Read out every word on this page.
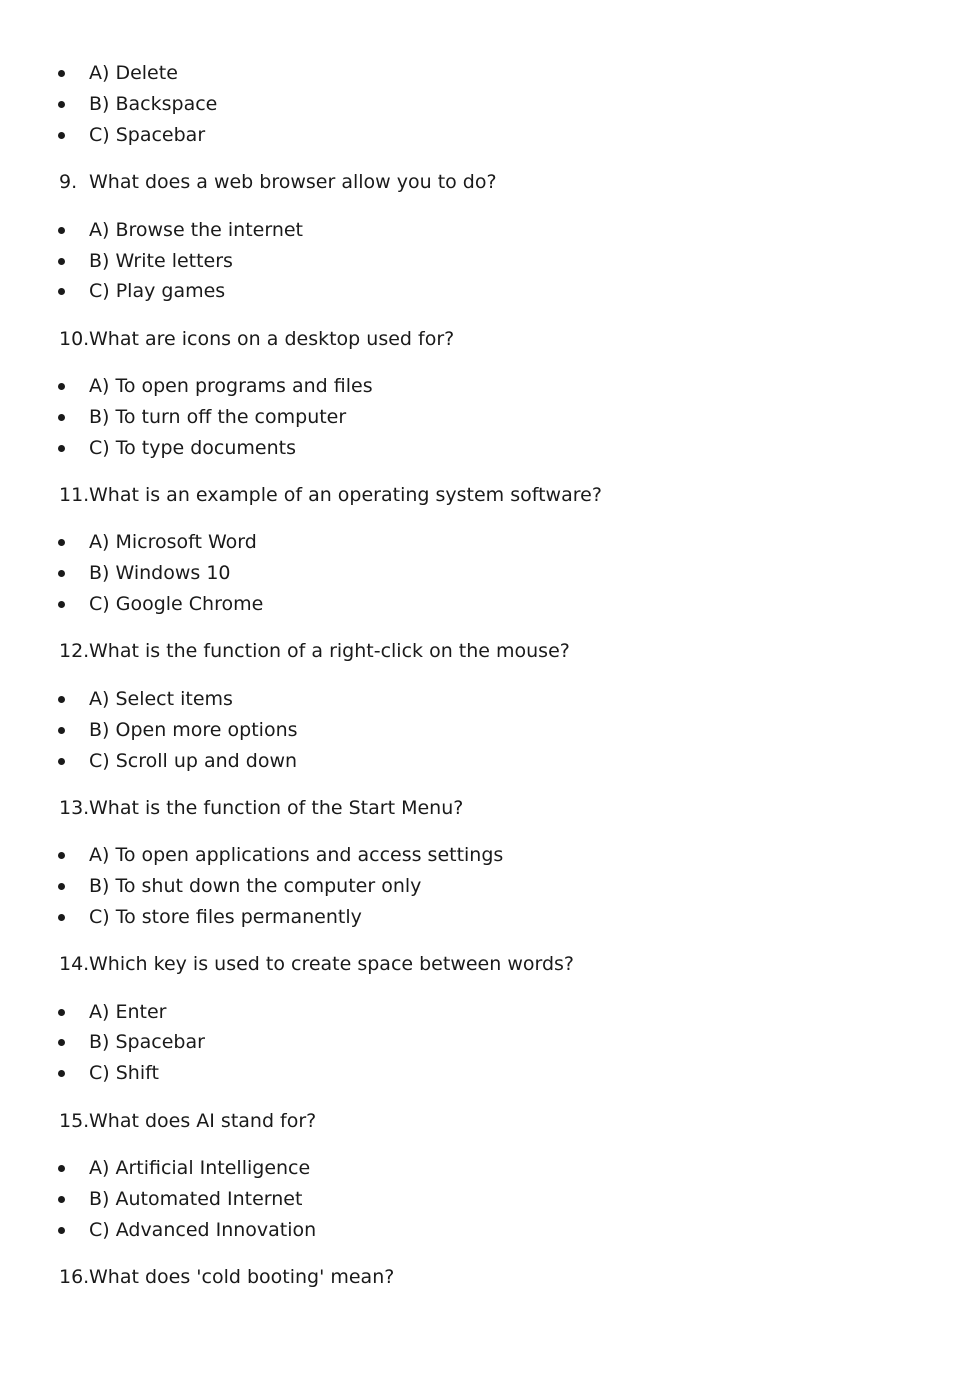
A) Delete
B) Backspace
C) Spacebar
9. What does a web browser allow you to do?
A) Browse the internet
B) Write letters
C) Play games
10. What are icons on a desktop used for?
A) To open programs and files
B) To turn off the computer
C) To type documents
11. What is an example of an operating system software?
A) Microsoft Word
B) Windows 10
C) Google Chrome
12. What is the function of a right-click on the mouse?
A) Select items
B) Open more options
C) Scroll up and down
13. What is the function of the Start Menu?
A) To open applications and access settings
B) To shut down the computer only
C) To store files permanently
14. Which key is used to create space between words?
A) Enter
B) Spacebar
C) Shift
15. What does AI stand for?
A) Artificial Intelligence
B) Automated Internet
C) Advanced Innovation
16. What does 'cold booting' mean?
